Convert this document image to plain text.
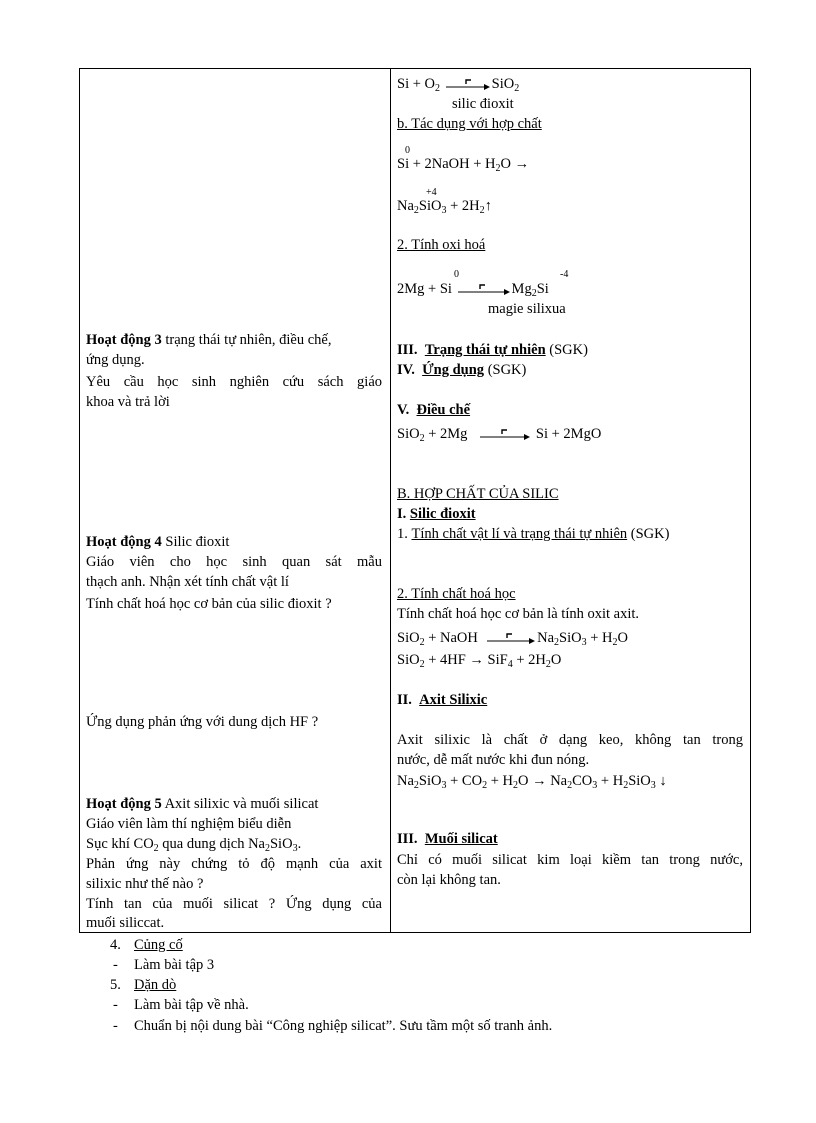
Hoạt động 3 trạng thái tự nhiên, điều chế,
ứng dụng.
Yêu cầu học sinh nghiên cứu sách giáo
khoa và trả lời
Hoạt động 4 Silic đioxit
Giáo viên cho học sinh quan sát mẫu
thạch anh. Nhận xét tính chất vật lí
Tính chất hoá học cơ bản của silic đioxit ?
Ứng dụng phản ứng với dung dịch HF ?
Hoạt động 5 Axit silixic và muối silicat
Giáo viên làm thí nghiệm biểu diễn
Sục khí $CO_2$ qua dung dịch $Na_2SiO_3$.
Phản ứng này chứng tỏ độ mạnh của axit
silixic như thế nào ?
Tính tan của muối silicat ? Ứng dụng của
muối siliccat.
$Si + O_2$	SiO$_2$
silic đioxit
b. Tác dụng với hợp chất
0
Si + 2NaOH + $H_2O$ →
+4
$Na_2SiO_3$ + $2H_2↑$
2. Tính oxi hoá
0	-4
2Mg + Si	$Mg_2Si$
magie silixua
III. Trạng thái tự nhiên (SGK)
IV. Ứng dụng (SGK)
V. Điều chế
SiO$_2$ + 2Mg	Si + 2MgO
B. HỢP CHẤT CỦA SILIC
I. Silic đioxit
1. Tính chất vật lí và trạng thái tự nhiên (SGK)
2. Tính chất hoá học
Tính chất hoá học cơ bản là tính oxit axit.
SiO$_2$ + NaOH	$Na_2SiO_3 + H_2O$
$SiO_2 + 4HF \to SiF_4 + 2H_2O$
II. Axit Silixic
Axit silixic là chất ở dạng keo, không tan trong
nước, dễ mất nước khi đun nóng.
$Na_2SiO_3 + CO_2 + H_2O \to Na_2CO_3 + H_2SiO_3$ ↓
III. Muối silicat
Chỉ có muối silicat kim loại kiềm tan trong nước,
còn lại không tan.
4. Củng cố
- Làm bài tập 3
5. Dặn dò
- Làm bài tập về nhà.
- Chuẩn bị nội dung bài “Công nghiệp silicat”. Sưu tầm một số tranh ảnh.
